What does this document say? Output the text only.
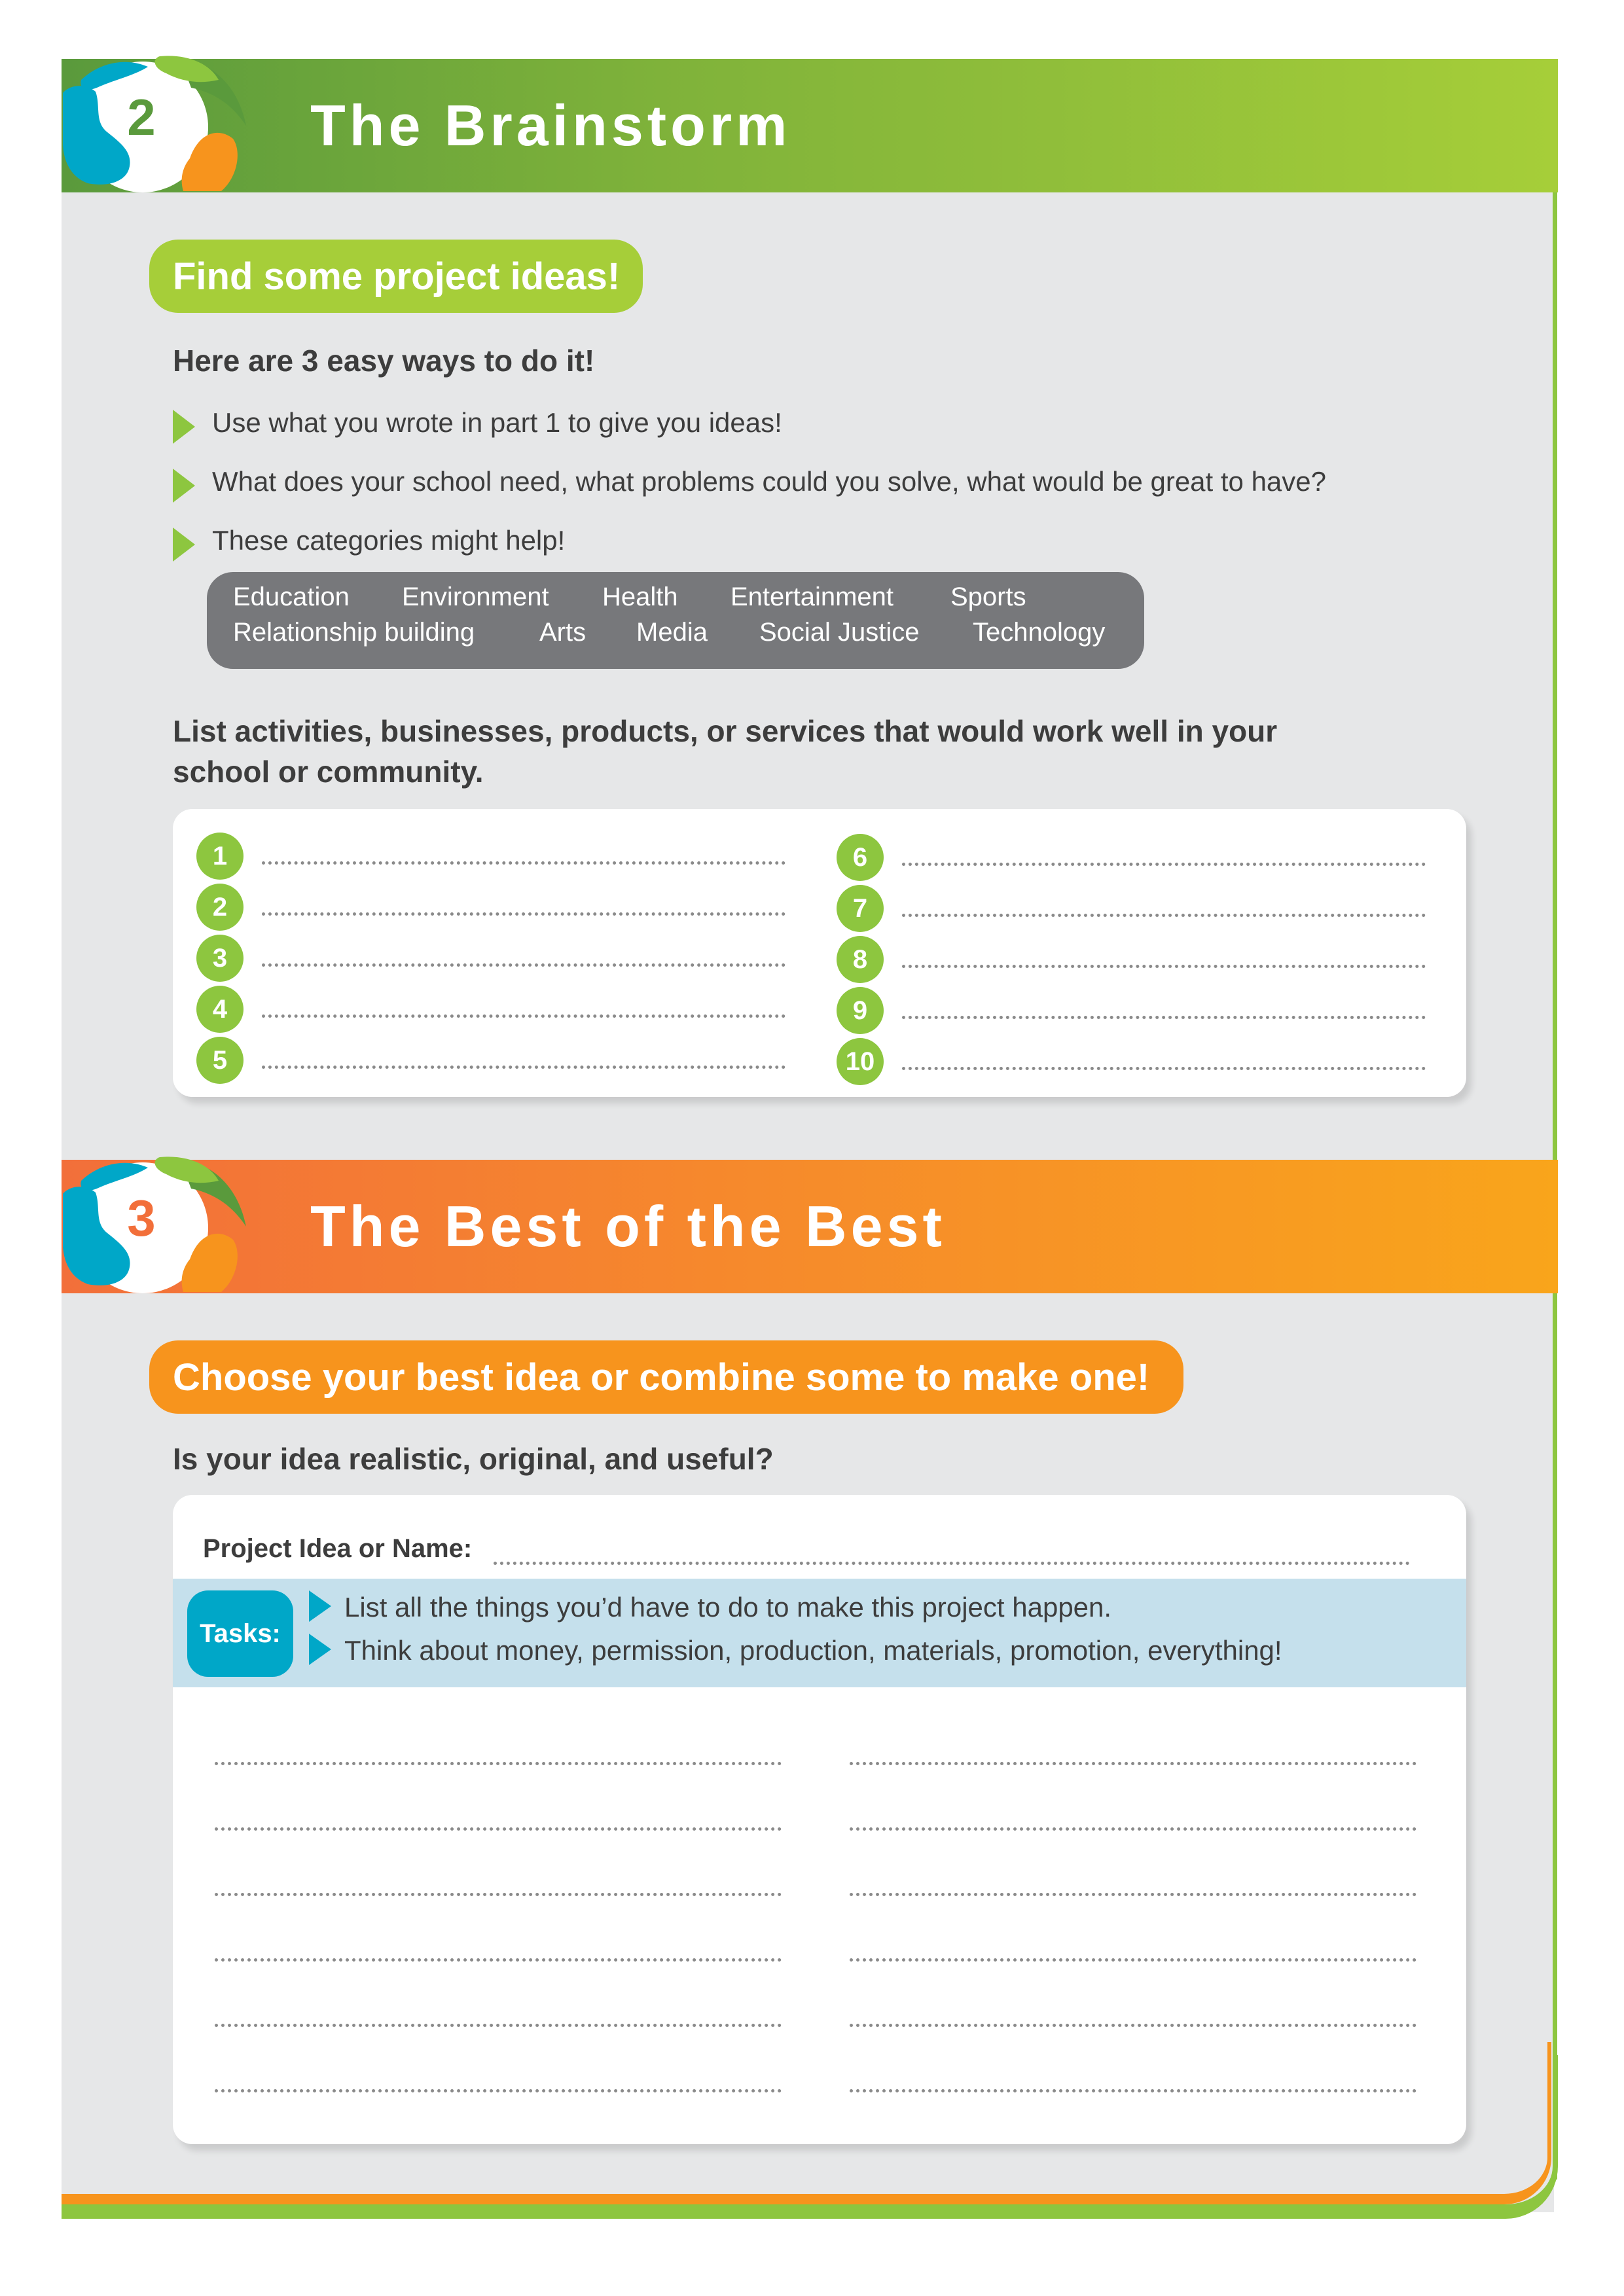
The Brainstorm
2
Find some project ideas!
Here are 3 easy ways to do it!
Use what you wrote in part 1 to give you ideas!
What does your school need, what problems could you solve, what would be great to have?
These categories might help!
Education Environment Health Entertainment Sports
Relationship building Arts Media Social Justice Technology
List activities, businesses, products, or services that would work well in your
school or community.
1
2
3
4
5
6
7
8
9
10
The Best of the Best
3
Choose your best idea or combine some to make one!
Is your idea realistic, original, and useful?
Project Idea or Name:
Tasks:
List all the things you’d have to do to make this project happen.
Think about money, permission, production, materials, promotion, everything!
